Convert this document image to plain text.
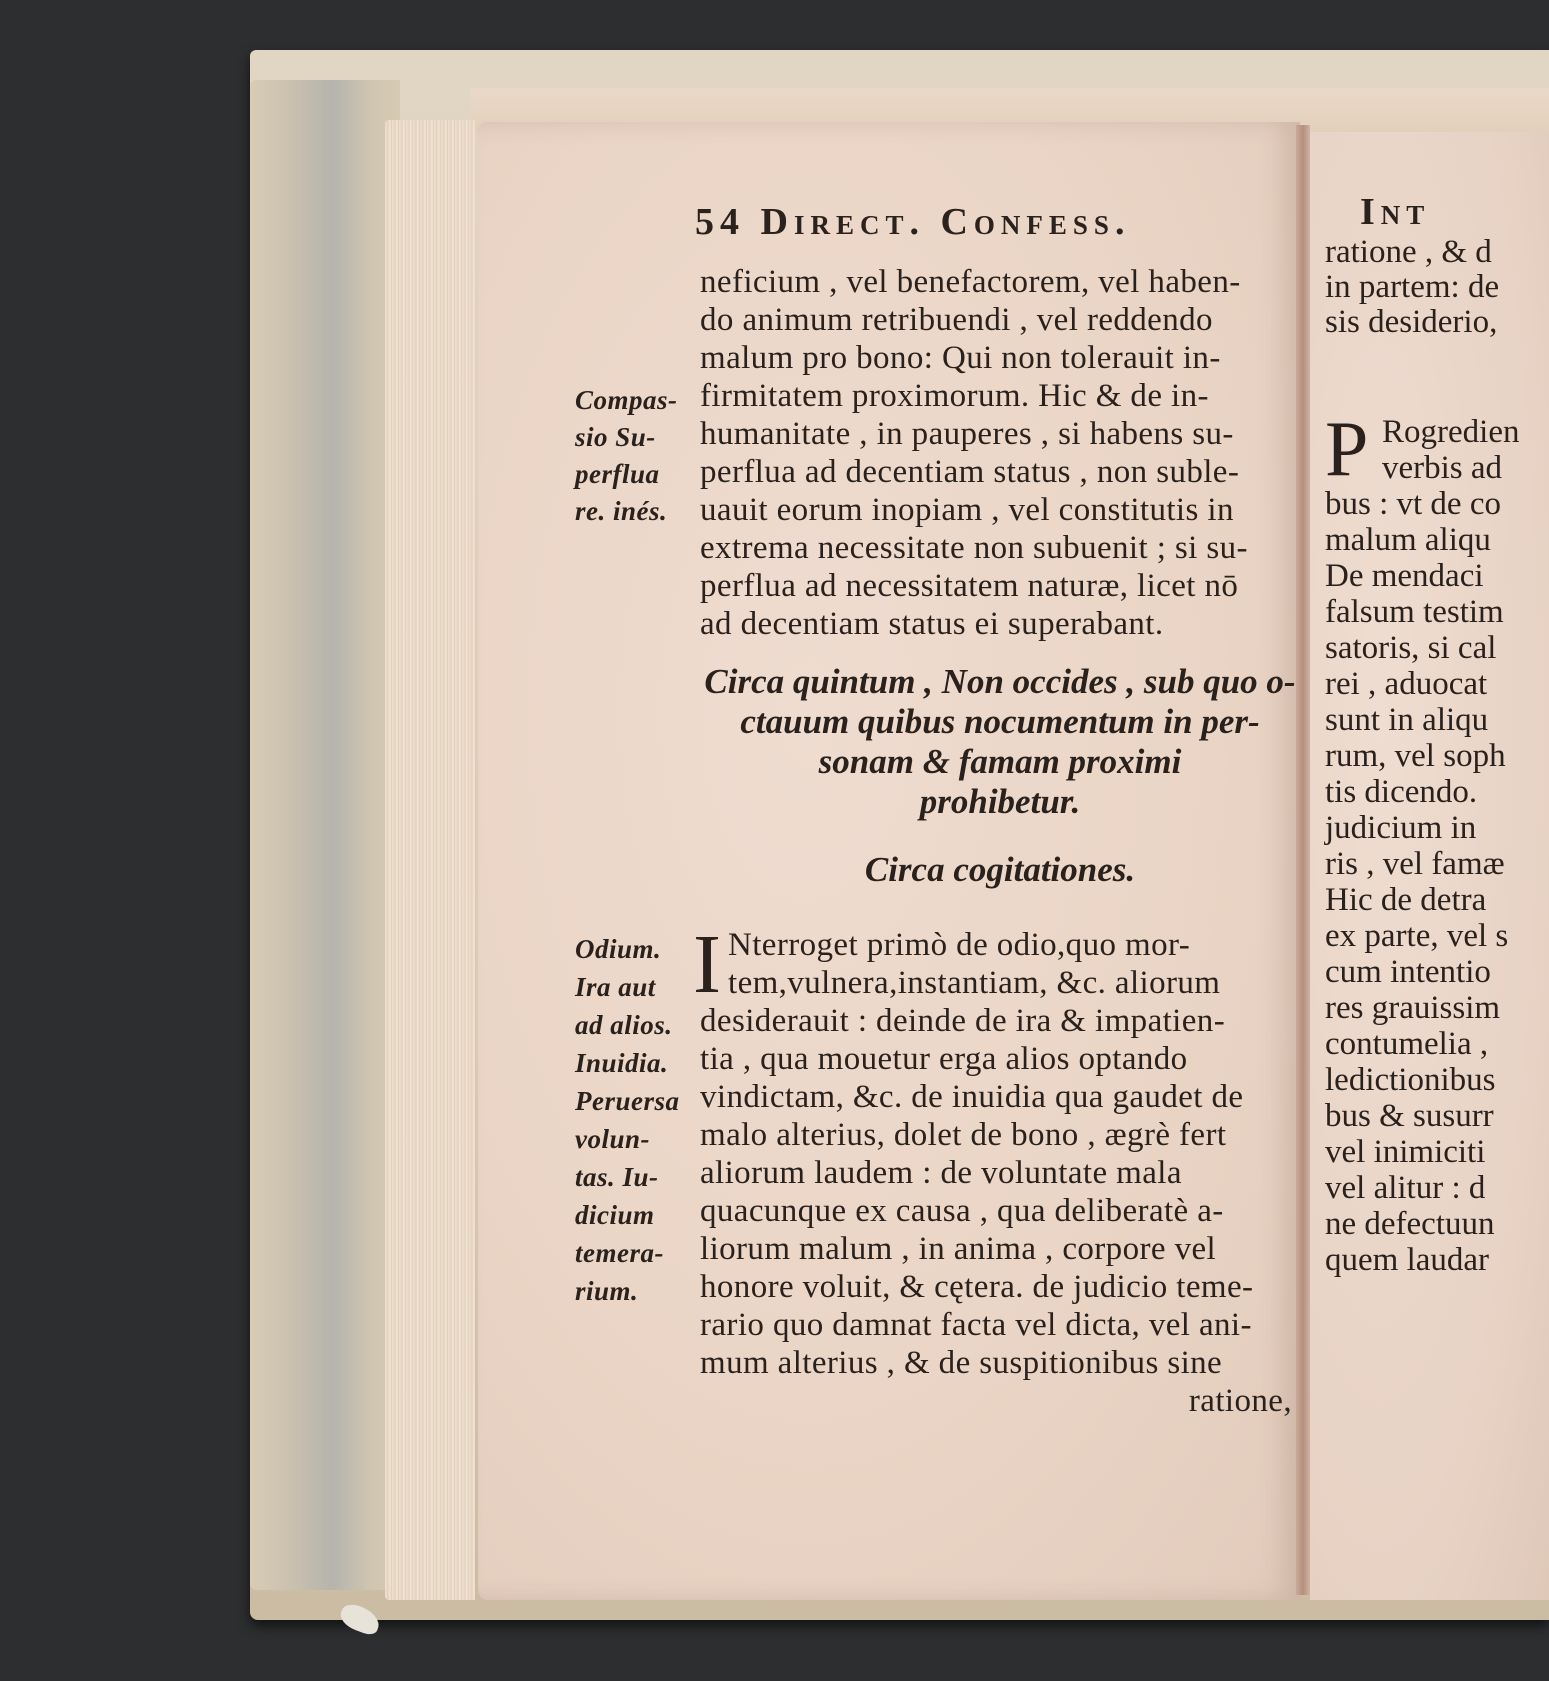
Int
ratione , & d
in partem: de
sis desiderio,
P Rogredien
verbis ad
bus : vt de co
malum aliqu
De mendaci
falsum testim
satoris, si cal
rei , aduocat
sunt in aliqu
rum, vel soph
tis dicendo.
judicium in
ris , vel famæ
Hic de detra
ex parte, vel s
cum intentio
res grauissim
contumelia ,
ledictionibus
bus & susurr
vel inimiciti
vel alitur : d
ne defectuun
quem laudar
54 Direct. Confess.
neficium , vel benefactorem, vel haben-
do animum retribuendi , vel reddendo
malum pro bono: Qui non tolerauit in-
firmitatem proximorum. Hic & de in-
humanitate , in pauperes , si habens su-
perflua ad decentiam status , non suble-
uauit eorum inopiam , vel constitutis in
extrema necessitate non subuenit ; si su-
perflua ad necessitatem naturæ, licet nō
ad decentiam status ei superabant.
Compas-
sio Su-
perflua
re. inés.
Circa quintum , Non occides , sub quo o-
ctauum quibus nocumentum in per-
sonam & famam proximi
prohibetur.
Circa cogitationes.
I Nterroget primò de odio,quo mor-
tem,vulnera,instantiam, &c. aliorum
desiderauit : deinde de ira & impatien-
tia , qua mouetur erga alios optando
vindictam, &c. de inuidia qua gaudet de
malo alterius, dolet de bono , ægrè fert
aliorum laudem : de voluntate mala
quacunque ex causa , qua deliberatè a-
liorum malum , in anima , corpore vel
honore voluit, & cętera. de judicio teme-
rario quo damnat facta vel dicta, vel ani-
mum alterius , & de suspitionibus sine
ratione,
Odium.
Ira aut
ad alios.
Inuidia.
Peruersa
volun-
tas. Iu-
dicium
temera-
rium.
